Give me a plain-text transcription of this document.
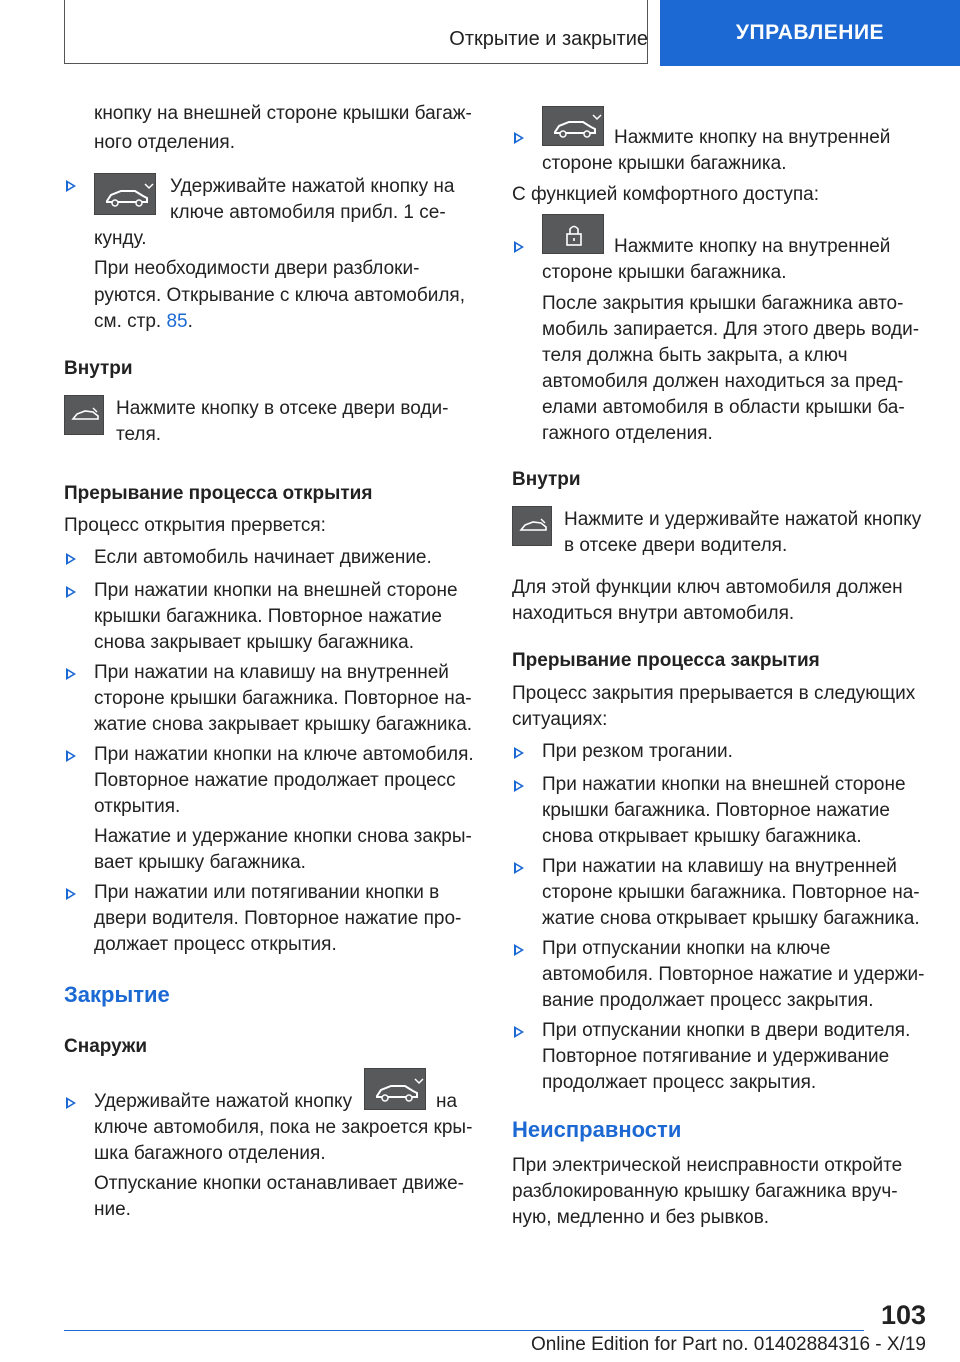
Открытие и закрытие	УПРАВЛЕНИЕ
кнопку на внешней стороне крышки багаж-
ного отделения.
Удерживайте нажатой кнопку на
ключе автомобиля прибл. 1 се-
кунду.
При необходимости двери разблоки-
руются. Открывание с ключа автомобиля,
см. стр. 85.
Внутри
Нажмите кнопку в отсеке двери води-
теля.
Прерывание процесса открытия
Процесс открытия прервется:
Если автомобиль начинает движение.
При нажатии кнопки на внешней стороне
крышки багажника. Повторное нажатие
снова закрывает крышку багажника.
При нажатии на клавишу на внутренней
стороне крышки багажника. Повторное на-
жатие снова закрывает крышку багажника.
При нажатии кнопки на ключе автомобиля.
Повторное нажатие продолжает процесс
открытия.
Нажатие и удержание кнопки снова закры-
вает крышку багажника.
При нажатии или потягивании кнопки в
двери водителя. Повторное нажатие про-
должает процесс открытия.
Закрытие
Снаружи
Удерживайте нажатой кнопку	на
ключе автомобиля, пока не закроется кры-
шка багажного отделения.
Отпускание кнопки останавливает движе-
ние.
Нажмите кнопку на внутренней
стороне крышки багажника.
С функцией комфортного доступа:
Нажмите кнопку на внутренней
стороне крышки багажника.
После закрытия крышки багажника авто-
мобиль запирается. Для этого дверь води-
теля должна быть закрыта, а ключ
автомобиля должен находиться за пред-
елами автомобиля в области крышки ба-
гажного отделения.
Внутри
Нажмите и удерживайте нажатой кнопку
в отсеке двери водителя.
Для этой функции ключ автомобиля должен
находиться внутри автомобиля.
Прерывание процесса закрытия
Процесс закрытия прерывается в следующих
ситуациях:
При резком трогании.
При нажатии кнопки на внешней стороне
крышки багажника. Повторное нажатие
снова открывает крышку багажника.
При нажатии на клавишу на внутренней
стороне крышки багажника. Повторное на-
жатие снова открывает крышку багажника.
При отпускании кнопки на ключе
автомобиля. Повторное нажатие и удержи-
вание продолжает процесс закрытия.
При отпускании кнопки в двери водителя.
Повторное потягивание и удерживание
продолжает процесс закрытия.
Неисправности
При электрической неисправности откройте
разблокированную крышку багажника вруч-
ную, медленно и без рывков.
103
Online Edition for Part no. 01402884316 - X/19
